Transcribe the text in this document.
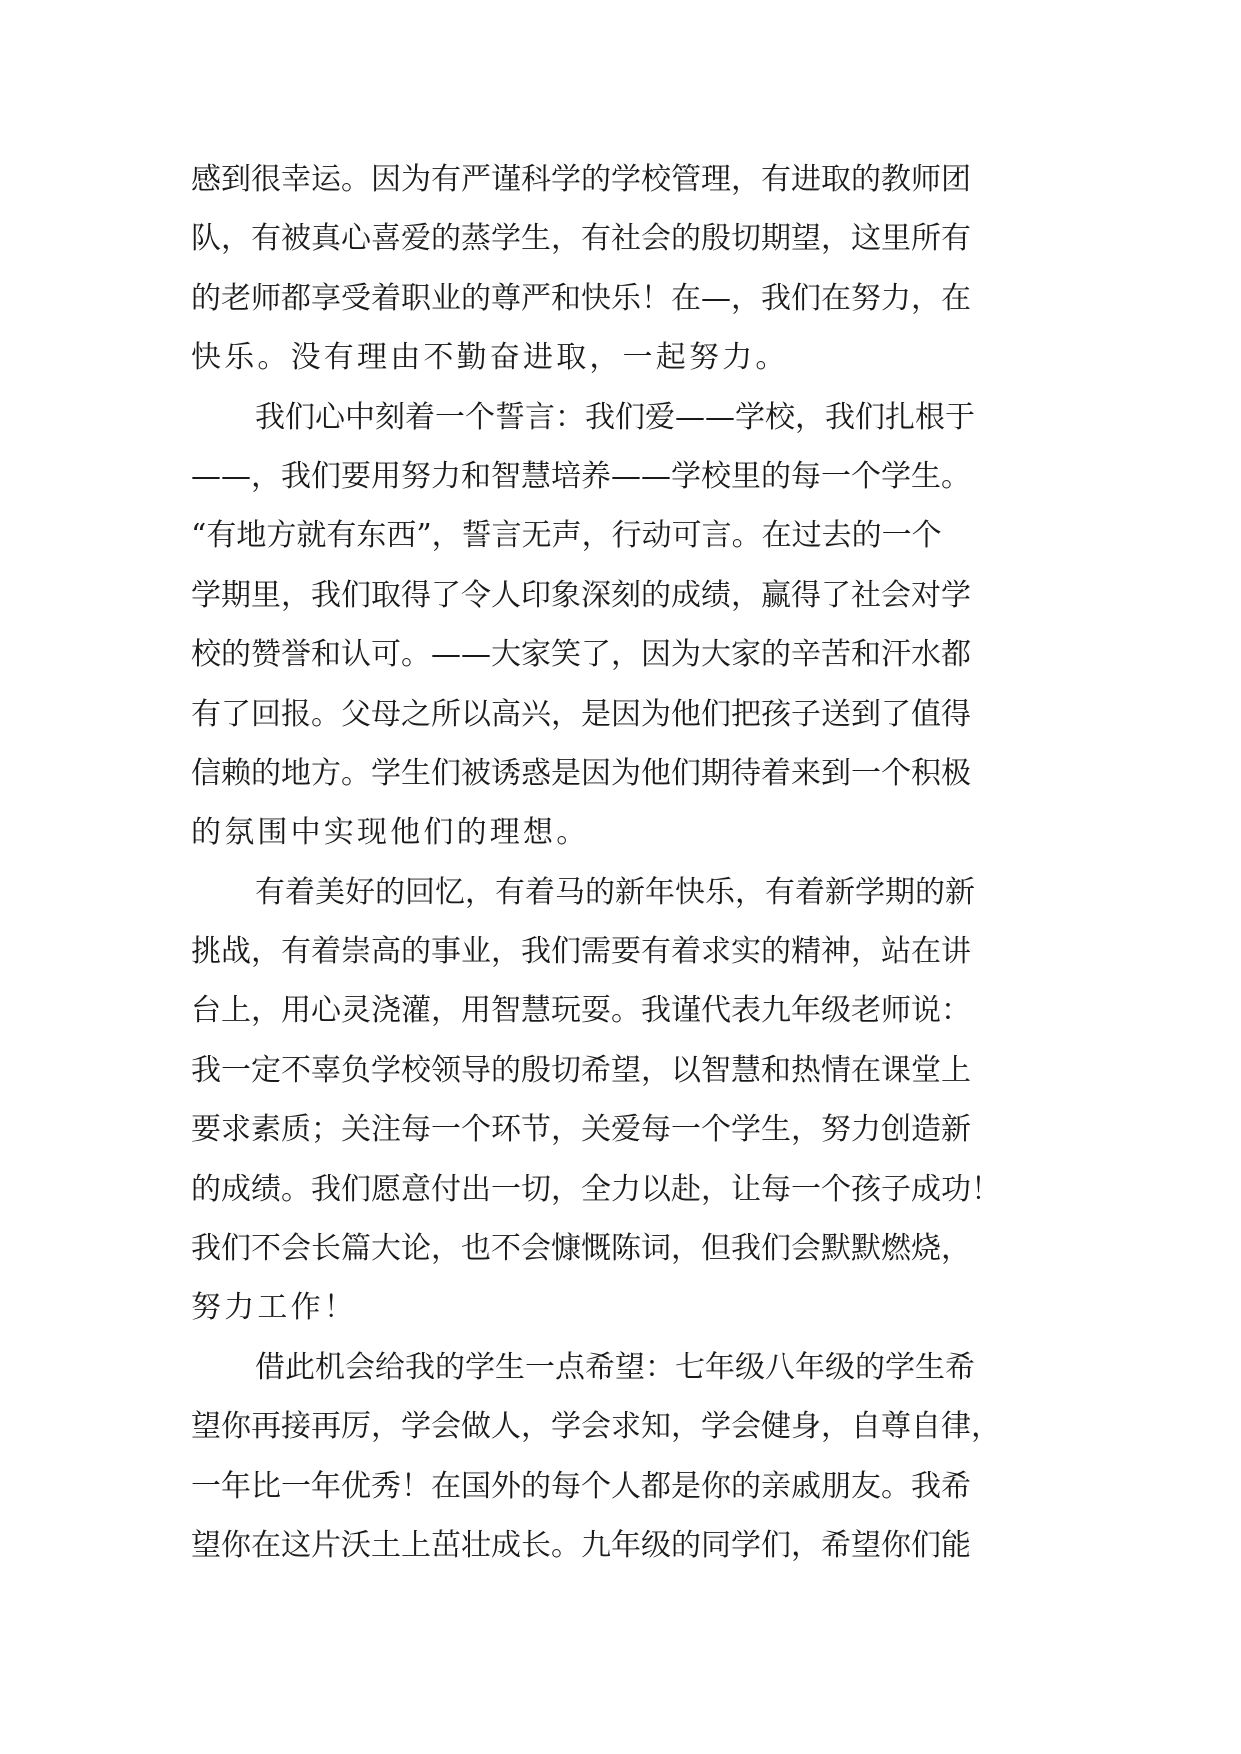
感到很幸运。因为有严谨科学的学校管理，有进取的教师团
队，有被真心喜爱的蒸学生，有社会的殷切期望，这里所有
的老师都享受着职业的尊严和快乐！在—，我们在努力，在
快乐。没有理由不勤奋进取，一起努力。
我们心中刻着一个誓言：我们爱——学校，我们扎根于
——，我们要用努力和智慧培养——学校里的每一个学生。
“有地方就有东西”，誓言无声，行动可言。在过去的一个
学期里，我们取得了令人印象深刻的成绩，赢得了社会对学
校的赞誉和认可。——大家笑了，因为大家的辛苦和汗水都
有了回报。父母之所以高兴，是因为他们把孩子送到了值得
信赖的地方。学生们被诱惑是因为他们期待着来到一个积极
的氛围中实现他们的理想。
有着美好的回忆，有着马的新年快乐，有着新学期的新
挑战，有着崇高的事业，我们需要有着求实的精神，站在讲
台上，用心灵浇灌，用智慧玩耍。我谨代表九年级老师说：
我一定不辜负学校领导的殷切希望，以智慧和热情在课堂上
要求素质；关注每一个环节，关爱每一个学生，努力创造新
的成绩。我们愿意付出一切，全力以赴，让每一个孩子成功！
我们不会长篇大论，也不会慷慨陈词，但我们会默默燃烧，
努力工作！
借此机会给我的学生一点希望：七年级八年级的学生希
望你再接再厉，学会做人，学会求知，学会健身，自尊自律，
一年比一年优秀！在国外的每个人都是你的亲戚朋友。我希
望你在这片沃土上茁壮成长。九年级的同学们，希望你们能
